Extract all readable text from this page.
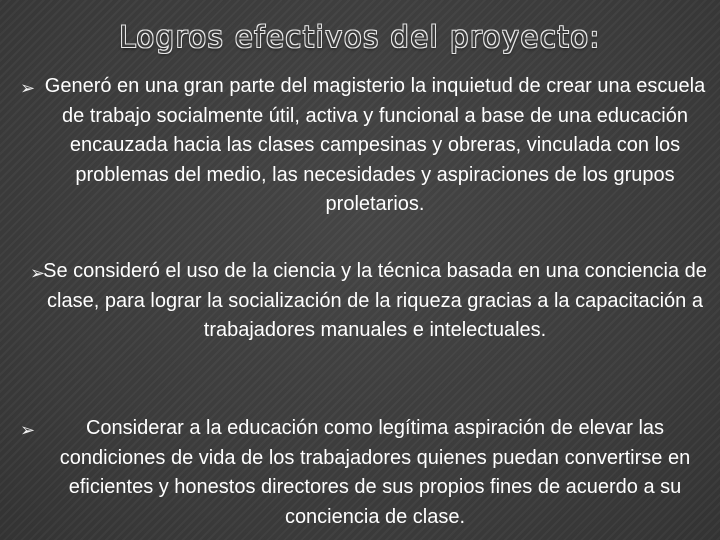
Logros efectivos del proyecto:
➢ Generó en una gran parte del magisterio la inquietud de crear una escuela de trabajo socialmente útil, activa y funcional a base de una educación encauzada hacia las clases campesinas y obreras, vinculada con los problemas del medio, las necesidades y aspiraciones de los grupos proletarios.
➢
Se consideró el uso de la ciencia y la técnica basada en una conciencia de clase, para lograr la socialización de la riqueza gracias a la capacitación a trabajadores manuales e intelectuales.
➢	Considerar a la educación como legítima aspiración de elevar las condiciones de vida de los trabajadores quienes puedan convertirse en eficientes y honestos directores de sus propios fines de acuerdo a su conciencia de clase.
